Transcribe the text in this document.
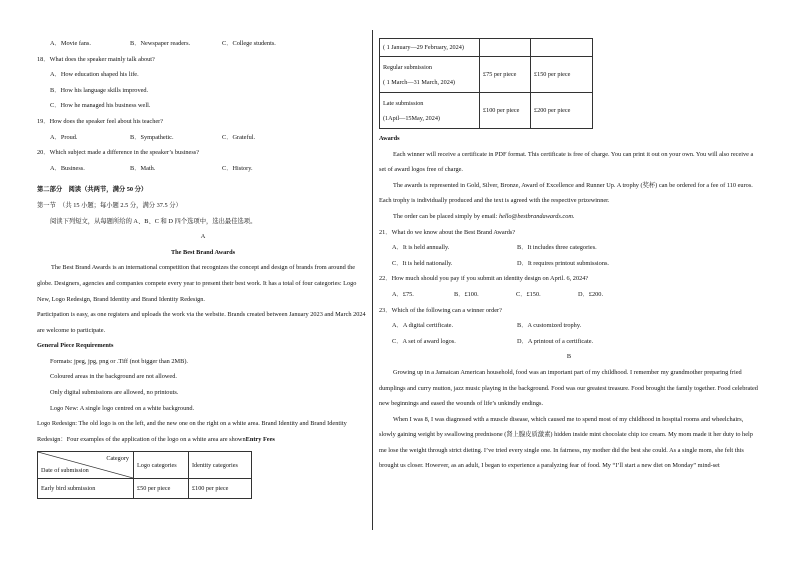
A．Movie fans.	B．Newspaper readers.	C．College students.

18．What does the speaker mainly talk about?

A．How education shaped his life.

B．How his language skills improved.

C．How he managed his business well.

19．How does the speaker feel about his teacher?

A．Proud.	B．Sympathetic.	C．Grateful.

20．Which subject made a difference in the speaker’s business?

A．Business.	B．Math.	C．History.

第二部分　阅读（共两节，满分 50 分）

第一节　（共 15 小题；每小题 2.5 分，满分 37.5 分）

阅读下列短文，从每题所给的 A、B、C 和 D 四个选项中，选出最佳选项。

A

The Best Brand Awards

The Best Brand Awards is an international competition that recognizes the concept and design of brands from around the globe. Designers, agencies and companies compete every year to present their best work. It has a total of four categories: Logo New, Logo Redesign, Brand Identity and Brand Identity Redesign.

Participation is easy, as one registers and uploads the work via the website. Brands created between January 2023 and March 2024 are welcome to participate.

General Piece Requirements

Formats: jpeg, jpg, png or .Tiff (not bigger than 2MB).

Coloured areas in the background are not allowed.

Only digital submissions are allowed, no printouts.

Logo New: A single logo centred on a white background.

Logo Redesign: The old logo is on the left, and the new one on the right on a white area. Brand Identity and Brand Identity Redesign：Four examples of the application of the logo on a white area are shownEntry Fees

Category
Date of submission	Logo categories	Identity categories
Early bird submission	£50 per piece	£100 per piece
( 1 January—29 February, 2024)		

Regular submission
( 1 March—31 March, 2024)	£75 per piece	£150 per piece

Late submission
(1Apil—15May, 2024)	£100 per piece	£200 per piece

Awards

Each winner will receive a certificate in PDF format. This certificate is free of charge. You can print it out on your own. You will also receive a set of award logos free of charge.

The awards is represented in Gold, Silver, Bronze, Award of Excellence and Runner Up. A trophy (奖杯) can be ordered for a fee of 110 euros. Each trophy is individually produced and the text is agreed with the respective prizewinner.

The order can be placed simply by email: hello@bestbrandawards.com.

21．What do we know about the Best Brand Awards?

A．It is held annually.	B．It includes three categories.
C．It is held nationally.	D．It requires printout submissions.

22．How much should you pay if you submit an identity design on April. 6, 2024?

A．£75.	B．£100.	C．£150.	D．£200.

23．Which of the following can a winner order?

A．A digital certificate.	B．A customized trophy.
C．A set of award logos.	D．A printout of a certificate.

B

Growing up in a Jamaican American household, food was an important part of my childhood. I remember my grandmother preparing fried dumplings and curry mutton, jazz music playing in the background. Food was our greatest treasure. Food brought the family together. Food celebrated new beginnings and eased the wounds of life’s unkindly endings.

When I was 8, I was diagnosed with a muscle disease, which caused me to spend most of my childhood in hospital rooms and wheelchairs, slowly gaining weight by swallowing prednisone (肾上腺皮质激素) hidden inside mint chocolate chip ice cream. My mom made it her duty to help me lose the weight through strict dieting. I’ve tried every single one. In fairness, my mother did the best she could. As a single mom, she felt this brought us closer. However, as an adult, I began to experience a paralyzing fear of food. My “I’ll start a new diet on Monday” mind-set
